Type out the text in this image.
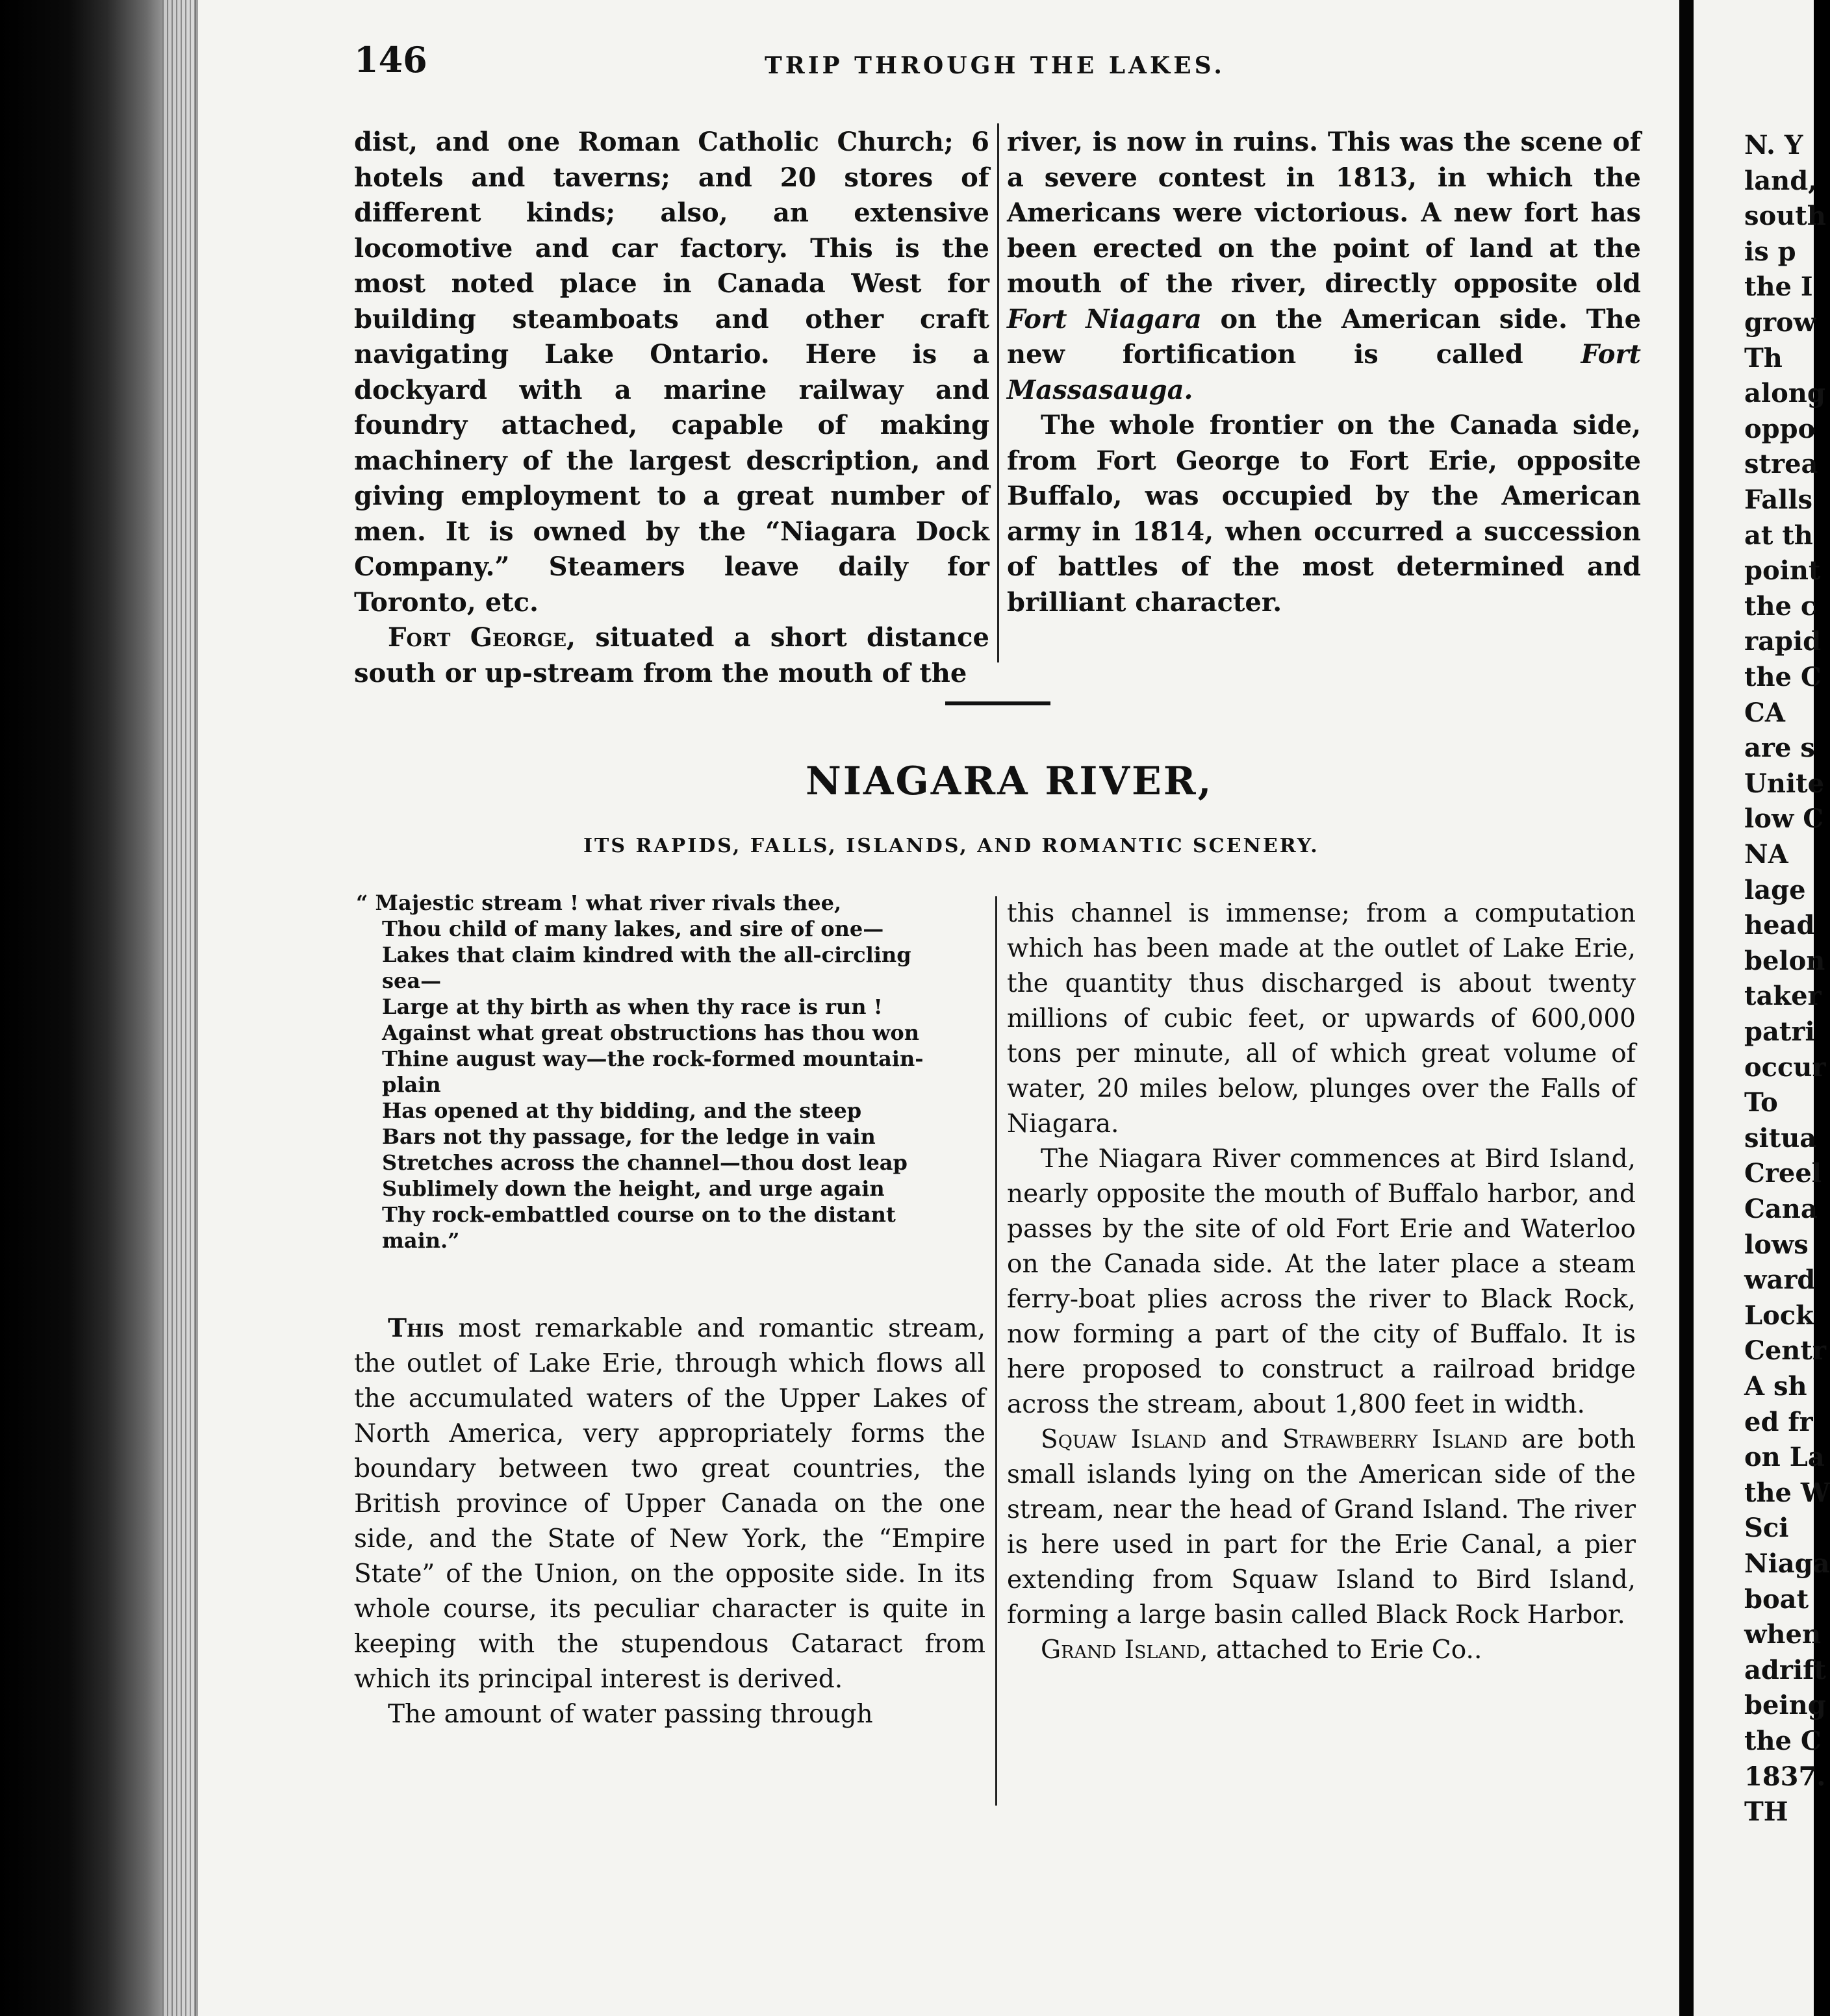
146	TRIP THROUGH THE LAKES.

dist, and one Roman Catholic Church; 6 hotels and taverns; and 20 stores of different kinds; also, an extensive locomotive and car factory. This is the most noted place in Canada West for building steamboats and other craft navigating Lake Ontario. Here is a dockyard with a marine railway and foundry attached, capable of making machinery of the largest description, and giving employment to a great number of men. It is owned by the “Niagara Dock Company.” Steamers leave daily for Toronto, etc.

Fort George, situated a short distance south or up-stream from the mouth of the

river, is now in ruins. This was the scene of a severe contest in 1813, in which the Americans were victorious. A new fort has been erected on the point of land at the mouth of the river, directly opposite old Fort Niagara on the American side. The new fortification is called Fort Massasauga.

The whole frontier on the Canada side, from Fort George to Fort Erie, opposite Buffalo, was occupied by the American army in 1814, when occurred a succession of battles of the most determined and brilliant character.

NIAGARA RIVER,
ITS RAPIDS, FALLS, ISLANDS, AND ROMANTIC SCENERY.
“ Majestic stream ! what river rivals thee,
Thou child of many lakes, and sire of one—
Lakes that claim kindred with the all-circling
sea—
Large at thy birth as when thy race is run !
Against what great obstructions has thou won
Thine august way—the rock-formed mountain-
plain
Has opened at thy bidding, and the steep
Bars not thy passage, for the ledge in vain
Stretches across the channel—thou dost leap
Sublimely down the height, and urge again
Thy rock-embattled course on to the distant
main.”

This most remarkable and romantic stream, the outlet of Lake Erie, through which flows all the accumulated waters of the Upper Lakes of North America, very appropriately forms the boundary between two great countries, the British province of Upper Canada on the one side, and the State of New York, the “Empire State” of the Union, on the opposite side. In its whole course, its peculiar character is quite in keeping with the stupendous Cataract from which its principal interest is derived.

The amount of water passing through

this channel is immense; from a computation which has been made at the outlet of Lake Erie, the quantity thus discharged is about twenty millions of cubic feet, or upwards of 600,000 tons per minute, all of which great volume of water, 20 miles below, plunges over the Falls of Niagara.

The Niagara River commences at Bird Island, nearly opposite the mouth of Buffalo harbor, and passes by the site of old Fort Erie and Waterloo on the Canada side. At the later place a steam ferry-boat plies across the river to Black Rock, now forming a part of the city of Buffalo. It is here proposed to construct a railroad bridge across the stream, about 1,800 feet in width.

Squaw Island and Strawberry Island are both small islands lying on the American side of the stream, near the head of Grand Island. The river is here used in part for the Erie Canal, a pier extending from Squaw Island to Bird Island, forming a large basin called Black Rock Harbor.

Grand Island, attached to Erie Co..

N. Y
land,
south
is p
the I
grow
Th
along
oppo
strea
Falls
at th
point
the c
rapid
the C
CA
are s
Unite
low C
NA
lage
head
belon
taker
patri
occur
To
situa
Creel
Cana
lows
ward
Lock
Centr
A sh
ed fr
on La
the W
Sci
Niaga
boat
when
adrift
being
the C
1837.
TH
